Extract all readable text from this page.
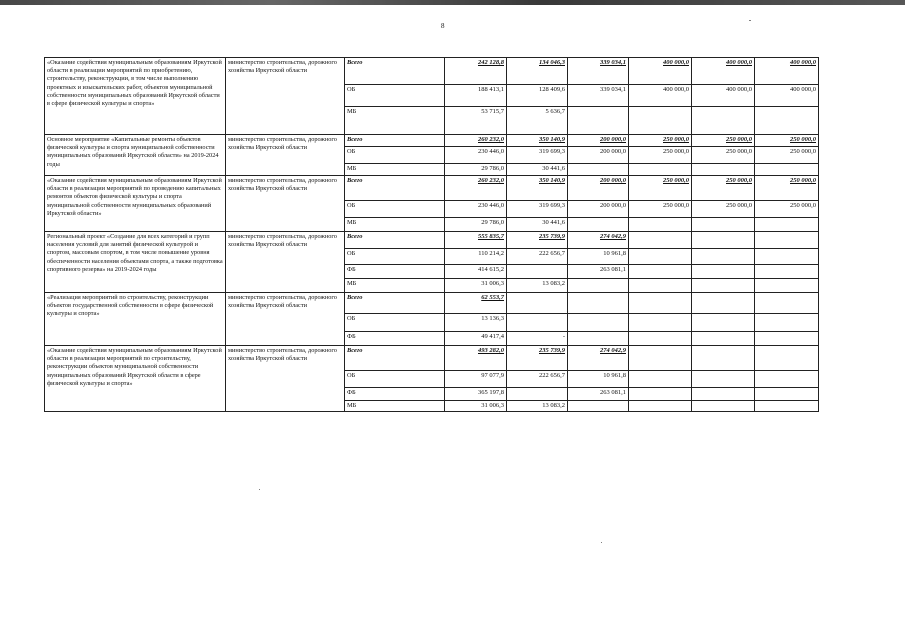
8
«Оказание содействия муниципальным образованиям Иркутской области в реализации мероприятий по приобретению, строительству, реконструкции, в том числе выполнению проектных и изыскательских работ, объектов муниципальной собственности муниципальных образований Иркутской области в сфере физической культуры и спорта»	министерство строительства, дорожного хозяйства Иркутской области	Всего	242 128,8	134 046,3	339 034,1	400 000,0	400 000,0	400 000,0
		ОБ	188 413,1	128 409,6	339 034,1	400 000,0	400 000,0	400 000,0
		МБ	53 715,7	5 636,7				
Основное мероприятие «Капитальные ремонты объектов физической культуры и спорта муниципальной собственности муниципальных образований Иркутской области» на 2019-2024 годы	министерство строительства, дорожного хозяйства Иркутской области	Всего	260 232,0	350 140,9	200 000,0	250 000,0	250 000,0	250 000,0
		ОБ	230 446,0	319 699,3	200 000,0	250 000,0	250 000,0	250 000,0
		МБ	29 786,0	30 441,6				
«Оказание содействия муниципальным образованиям Иркутской области в реализации мероприятий по проведению капитальных ремонтов объектов физической культуры и спорта муниципальной собственности муниципальных образований Иркутской области»	министерство строительства, дорожного хозяйства Иркутской области	Всего	260 232,0	350 140,9	200 000,0	250 000,0	250 000,0	250 000,0
		ОБ	230 446,0	319 699,3	200 000,0	250 000,0	250 000,0	250 000,0
		МБ	29 786,0	30 441,6				
Региональный проект «Создание для всех категорий и групп населения условий для занятий физической культурой и спортом, массовым спортом, в том числе повышение уровня обеспеченности населения объектами спорта, а также подготовка спортивного резерва» на 2019-2024 годы	министерство строительства, дорожного хозяйства Иркутской области	Всего	555 835,7	235 739,9	274 042,9			
		ОБ	110 214,2	222 656,7	10 961,8			
		ФБ	414 615,2		263 081,1			
		МБ	31 006,3	13 083,2				
«Реализация мероприятий по строительству, реконструкции объектов государственной собственности в сфере физической культуры и спорта»	министерство строительства, дорожного хозяйства Иркутской области	Всего	62 553,7					
		ОБ	13 136,3					
		ФБ	49 417,4	-				
«Оказание содействия муниципальным образованиям Иркутской области в реализации мероприятий по строительству, реконструкции объектов муниципальной собственности муниципальных образований Иркутской области в сфере физической культуры и спорта»	министерство строительства, дорожного хозяйства Иркутской области	Всего	493 282,0	235 739,9	274 042,9			
		ОБ	97 077,9	222 656,7	10 961,8			
		ФБ	365 197,8		263 081,1			
		МБ	31 006,3	13 083,2				
